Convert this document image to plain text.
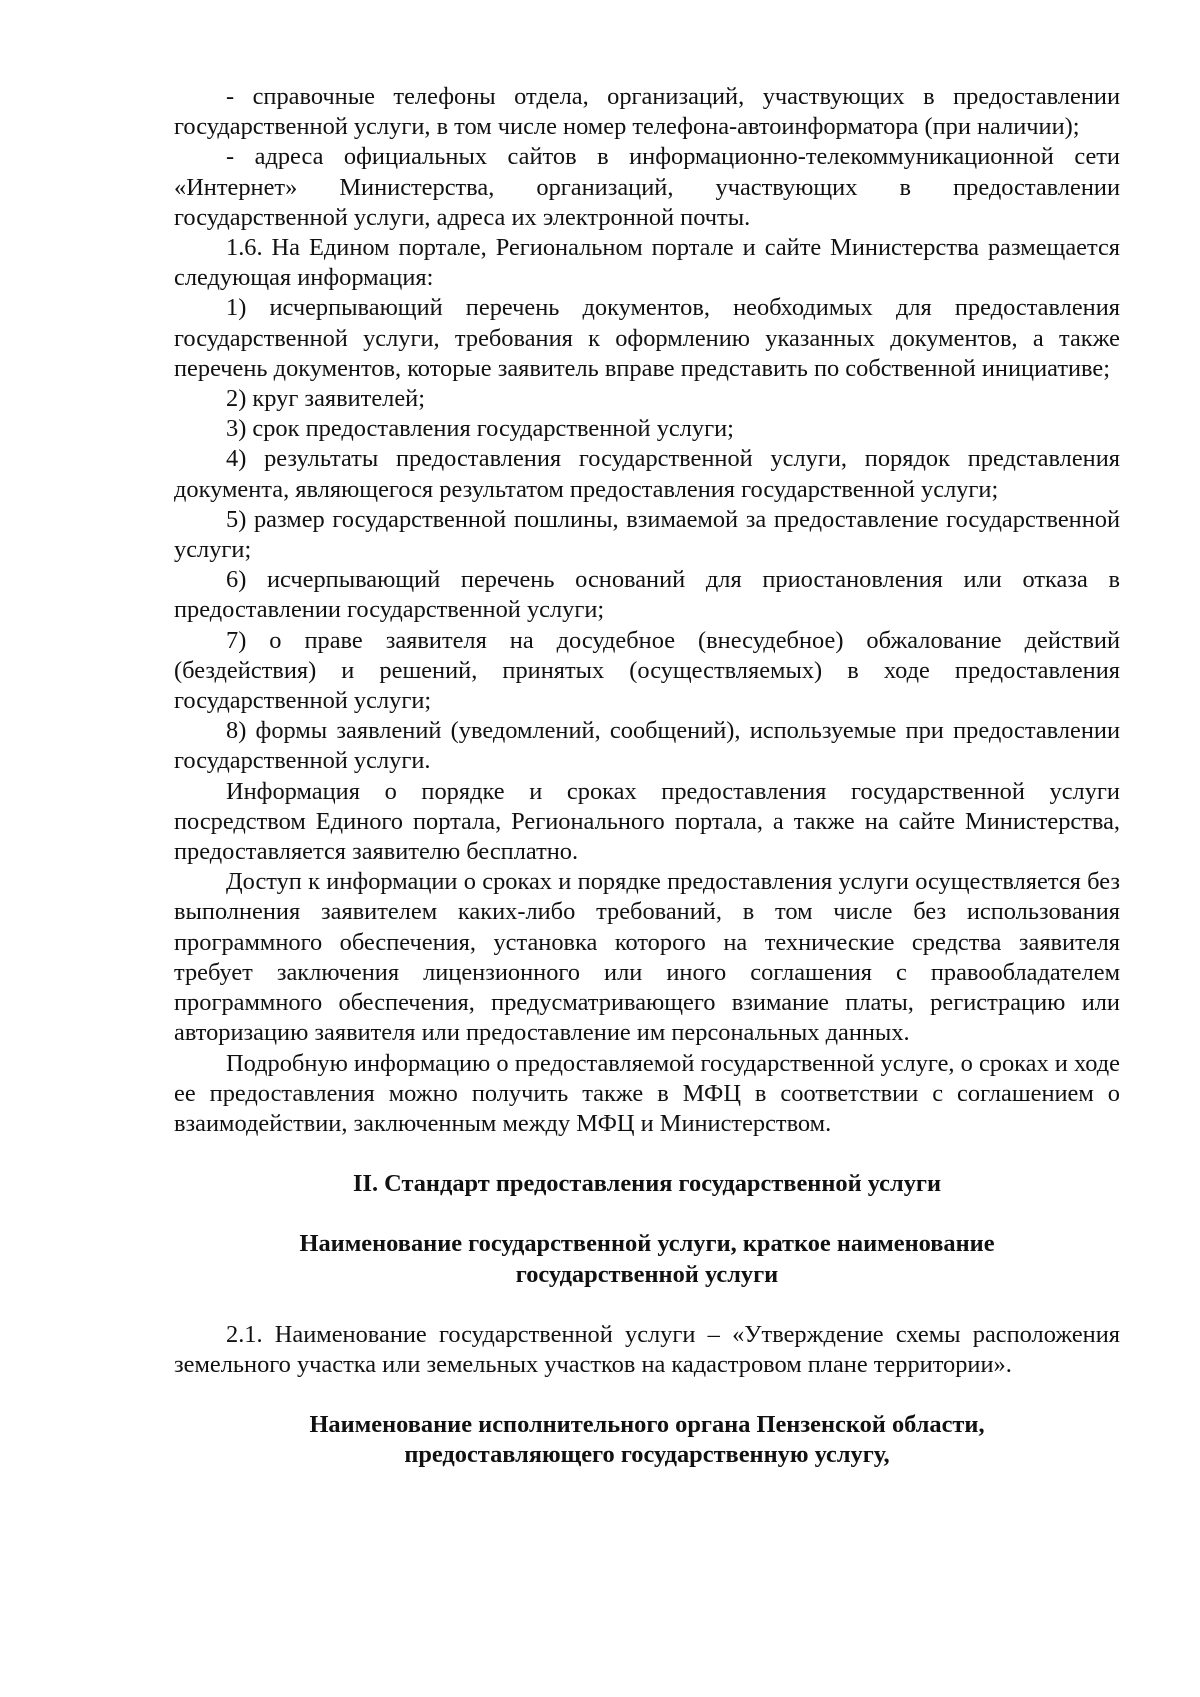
- справочные телефоны отдела, организаций, участвующих в предоставлении государственной услуги, в том числе номер телефона-автоинформатора (при наличии);

- адреса официальных сайтов в информационно-телекоммуникационной сети «Интернет» Министерства, организаций, участвующих в предоставлении государственной услуги, адреса их электронной почты.

1.6. На Едином портале, Региональном портале и сайте Министерства размещается следующая информация:

1) исчерпывающий перечень документов, необходимых для предоставления государственной услуги, требования к оформлению указанных документов, а также перечень документов, которые заявитель вправе представить по собственной инициативе;

2) круг заявителей;

3) срок предоставления государственной услуги;

4) результаты предоставления государственной услуги, порядок представления документа, являющегося результатом предоставления государственной услуги;

5) размер государственной пошлины, взимаемой за предоставление государственной услуги;

6) исчерпывающий перечень оснований для приостановления или отказа в предоставлении государственной услуги;

7) о праве заявителя на досудебное (внесудебное) обжалование действий (бездействия) и решений, принятых (осуществляемых) в ходе предоставления государственной услуги;

8) формы заявлений (уведомлений, сообщений), используемые при предоставлении государственной услуги.

Информация о порядке и сроках предоставления государственной услуги посредством Единого портала, Регионального портала, а также на сайте Министерства, предоставляется заявителю бесплатно.

Доступ к информации о сроках и порядке предоставления услуги осуществляется без выполнения заявителем каких-либо требований, в том числе без использования программного обеспечения, установка которого на технические средства заявителя требует заключения лицензионного или иного соглашения с правообладателем программного обеспечения, предусматривающего взимание платы, регистрацию или авторизацию заявителя или предоставление им персональных данных.

Подробную информацию о предоставляемой государственной услуге, о сроках и ходе ее предоставления можно получить также в МФЦ в соответствии с соглашением о взаимодействии, заключенным между МФЦ и Министерством.

II. Стандарт предоставления государственной услуги

Наименование государственной услуги, краткое наименование

государственной услуги

2.1. Наименование государственной услуги – «Утверждение схемы расположения земельного участка или земельных участков на кадастровом плане территории».

Наименование исполнительного органа Пензенской области,

предоставляющего государственную услугу,
